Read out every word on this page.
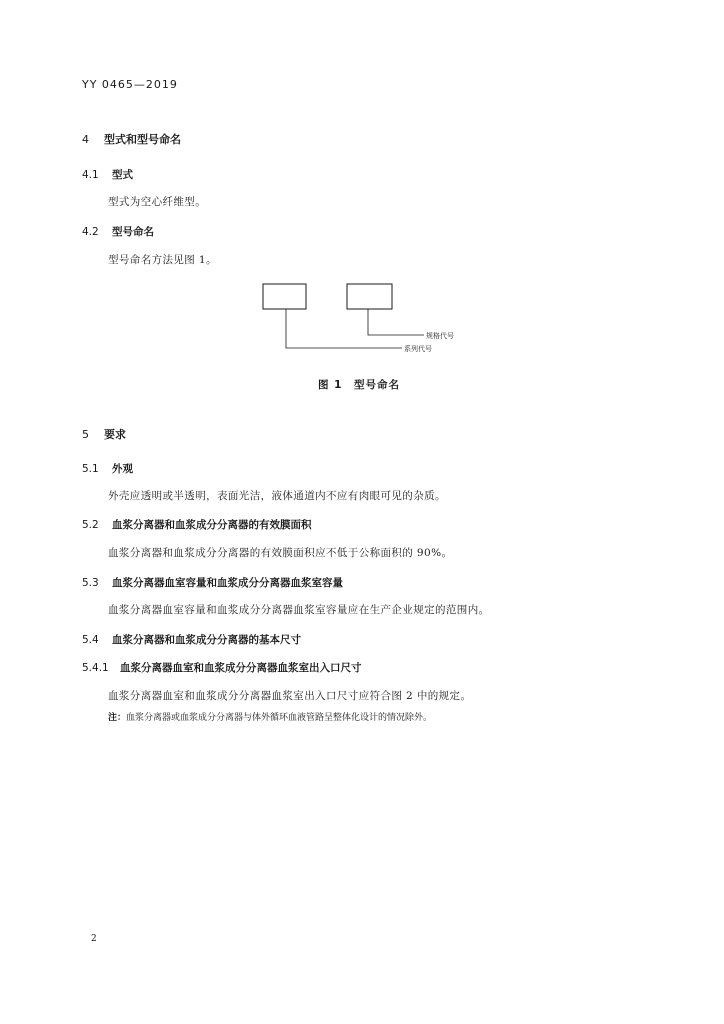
YY 0465—2019
4 型式和型号命名
4.1 型式
型式为空心纤维型。
4.2 型号命名
型号命名方法见图 1。
规格代号
系列代号
图 1　型号命名
5 要求
5.1 外观
外壳应透明或半透明，表面光洁，液体通道内不应有肉眼可见的杂质。
5.2 血浆分离器和血浆成分分离器的有效膜面积
血浆分离器和血浆成分分离器的有效膜面积应不低于公称面积的 90%。
5.3 血浆分离器血室容量和血浆成分分离器血浆室容量
血浆分离器血室容量和血浆成分分离器血浆室容量应在生产企业规定的范围内。
5.4 血浆分离器和血浆成分分离器的基本尺寸
5.4.1 血浆分离器血室和血浆成分分离器血浆室出入口尺寸
血浆分离器血室和血浆成分分离器血浆室出入口尺寸应符合图 2 中的规定。
注：血浆分离器或血浆成分分离器与体外循环血液管路呈整体化设计的情况除外。
2
